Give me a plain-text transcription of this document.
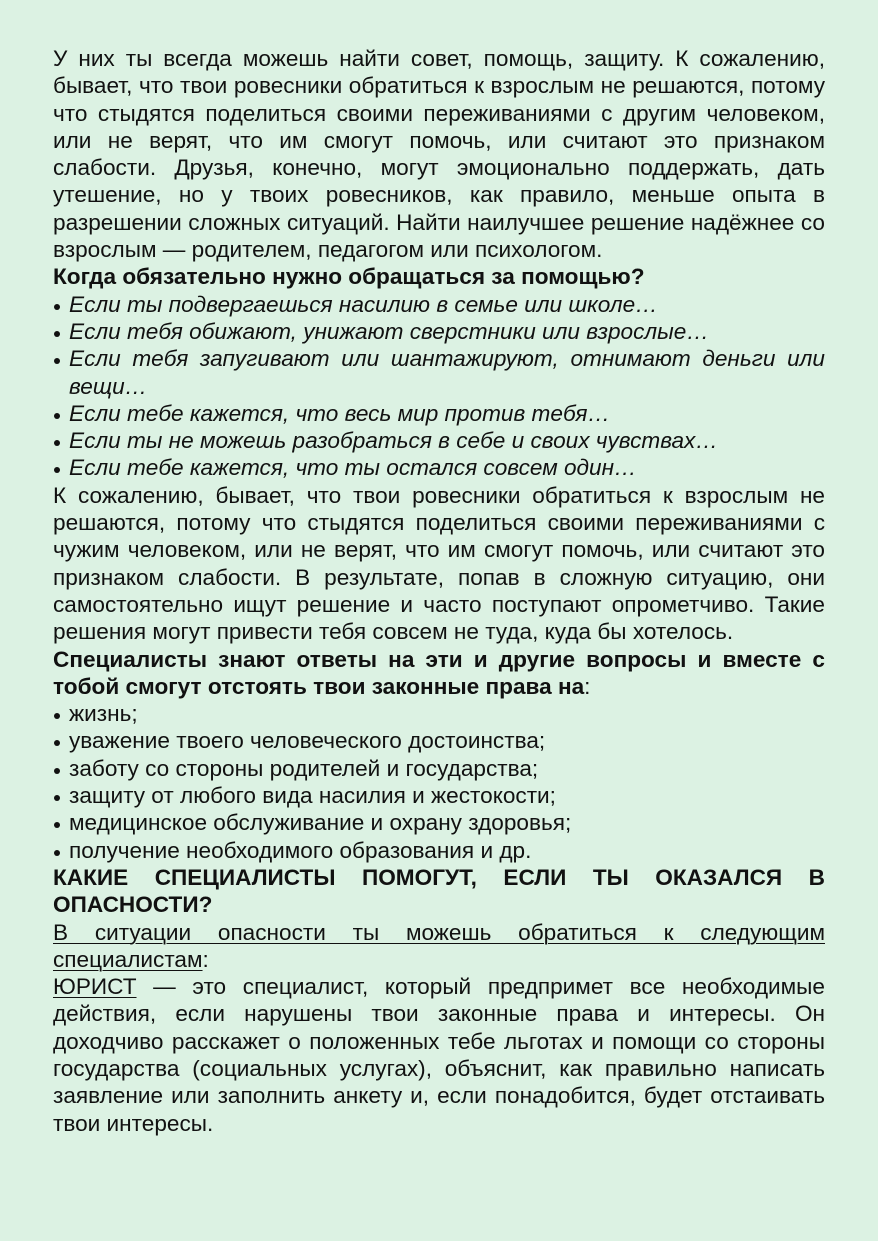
У них ты всегда можешь найти совет, помощь, защиту. К сожалению, бывает, что твои ровесники обратиться к взрослым не решаются, потому что стыдятся поделиться своими переживаниями с другим человеком, или не верят, что им смогут помочь, или считают это признаком слабости. Друзья, конечно, могут эмоционально поддержать, дать утешение, но у твоих ровесников, как правило, меньше опыта в разрешении сложных ситуаций. Найти наилучшее решение надёжнее со взрослым — родителем, педагогом или психологом.

Когда обязательно нужно обращаться за помощью?

Если ты подвергаешься насилию в семье или школе…
Если тебя обижают, унижают сверстники или взрослые…
Если тебя запугивают или шантажируют, отнимают деньги или вещи…
Если тебе кажется, что весь мир против тебя…
Если ты не можешь разобраться в себе и своих чувствах…
Если тебе кажется, что ты остался совсем один…

К сожалению, бывает, что твои ровесники обратиться к взрослым не решаются, потому что стыдятся поделиться своими переживаниями с чужим человеком, или не верят, что им смогут помочь, или считают это признаком слабости. В результате, попав в сложную ситуацию, они самостоятельно ищут решение и часто поступают опрометчиво. Такие решения могут привести тебя совсем не туда, куда бы хотелось.

Специалисты знают ответы на эти и другие вопросы и вместе с тобой смогут отстоять твои законные права на:

жизнь;
уважение твоего человеческого достоинства;
заботу со стороны родителей и государства;
защиту от любого вида насилия и жестокости;
медицинское обслуживание и охрану здоровья;
получение необходимого образования и др.

КАКИЕ СПЕЦИАЛИСТЫ ПОМОГУТ, ЕСЛИ ТЫ ОКАЗАЛСЯ В ОПАСНОСТИ?

В ситуации опасности ты можешь обратиться к следующим специалистам:

ЮРИСТ — это специалист, который предпримет все необходимые действия, если нарушены твои законные права и интересы. Он доходчиво расскажет о положенных тебе льготах и помощи со стороны государства (социальных услугах), объяснит, как правильно написать заявление или заполнить анкету и, если понадобится, будет отстаивать твои интересы.
